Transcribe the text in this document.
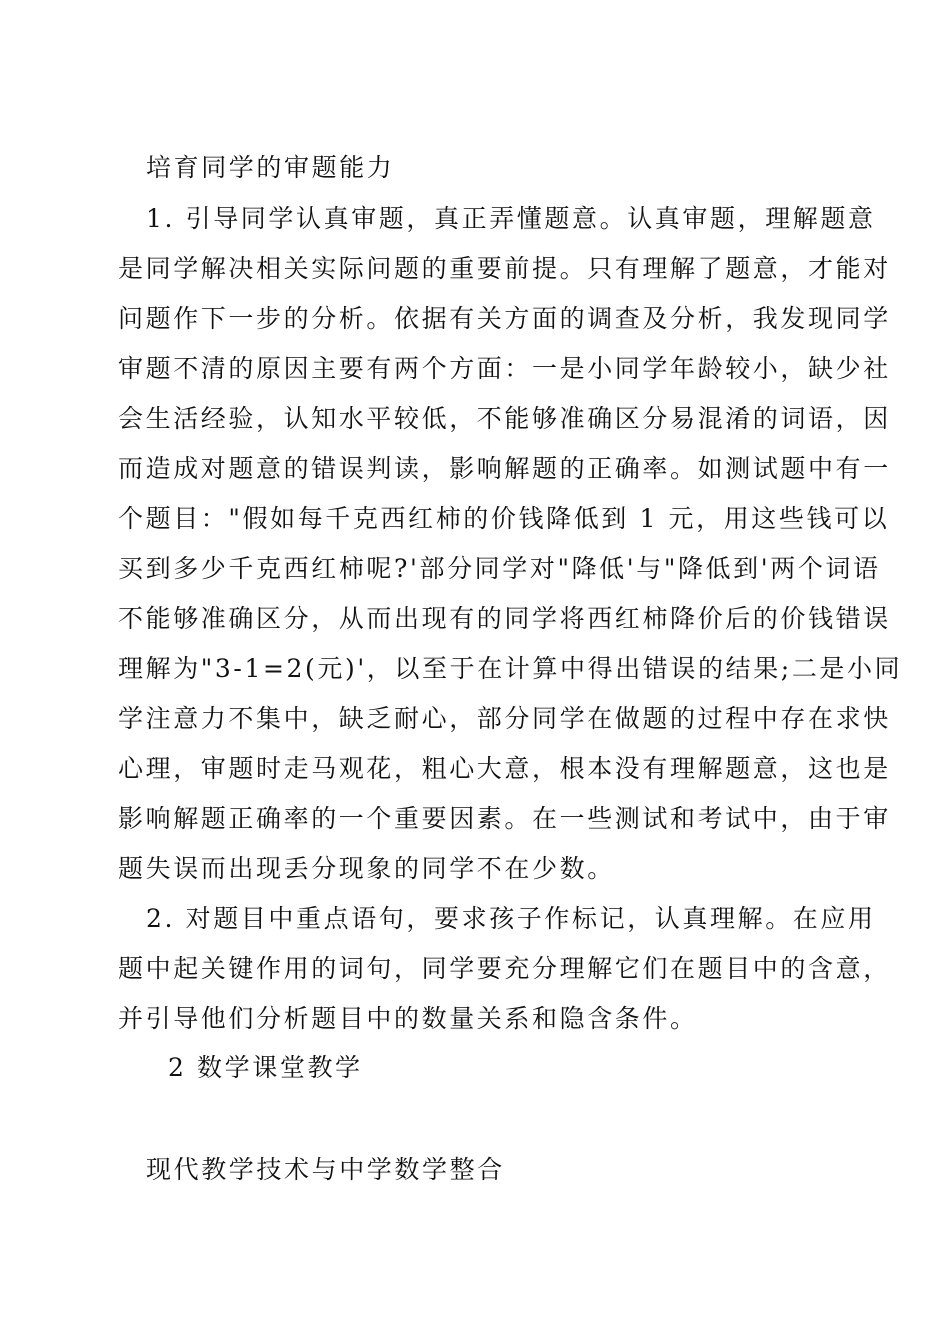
培育同学的审题能力
1. 引导同学认真审题，真正弄懂题意。认真审题，理解题意
是同学解决相关实际问题的重要前提。只有理解了题意，才能对
问题作下一步的分析。依据有关方面的调查及分析，我发现同学
审题不清的原因主要有两个方面：一是小同学年龄较小，缺少社
会生活经验，认知水平较低，不能够准确区分易混淆的词语，因
而造成对题意的错误判读，影响解题的正确率。如测试题中有一
个题目："假如每千克西红柿的价钱降低到 1 元，用这些钱可以
买到多少千克西红柿呢?'部分同学对"降低'与"降低到'两个词语
不能够准确区分，从而出现有的同学将西红柿降价后的价钱错误
理解为"3-1=2(元)'，以至于在计算中得出错误的结果;二是小同
学注意力不集中，缺乏耐心，部分同学在做题的过程中存在求快
心理，审题时走马观花，粗心大意，根本没有理解题意，这也是
影响解题正确率的一个重要因素。在一些测试和考试中，由于审
题失误而出现丢分现象的同学不在少数。
2. 对题目中重点语句，要求孩子作标记，认真理解。在应用
题中起关键作用的词句，同学要充分理解它们在题目中的含意，
并引导他们分析题目中的数量关系和隐含条件。
2 数学课堂教学
现代教学技术与中学数学整合
